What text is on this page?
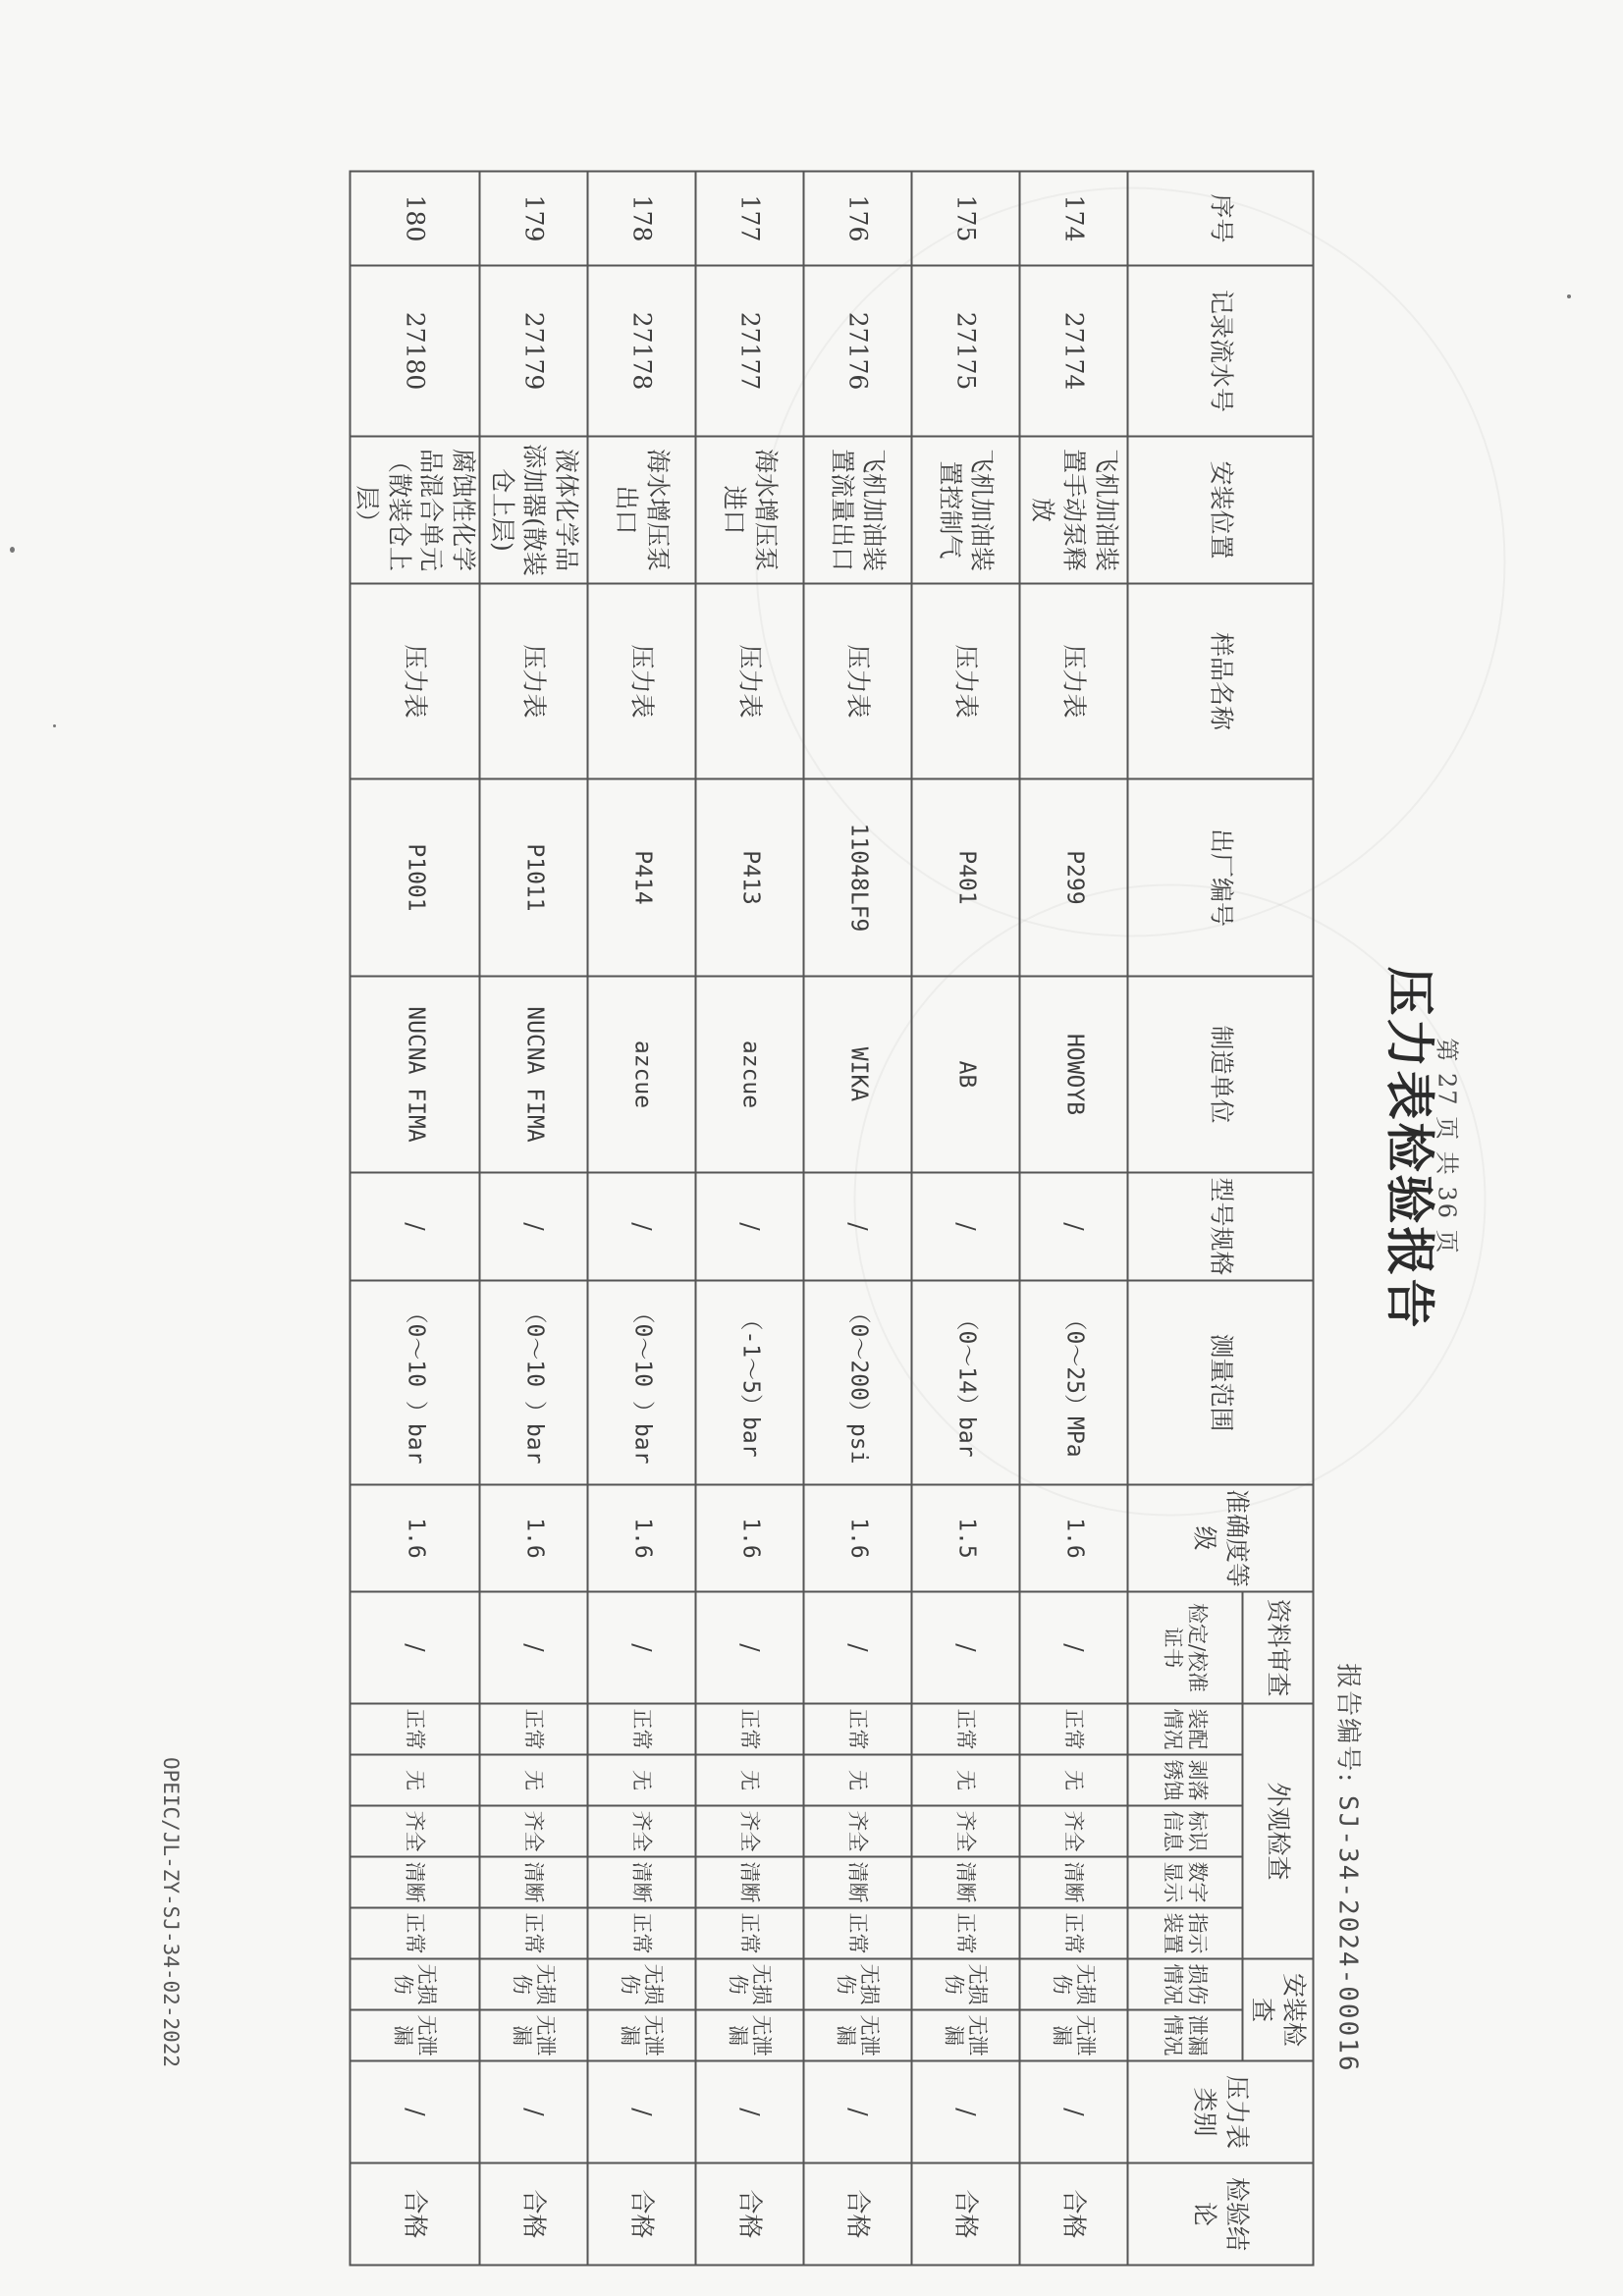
压力表检验报告
报告编号:SJ-34-2024-00016
序号	记录流水号	安装位置	样品名称	出厂编号	制造单位	型号规格	测量范围	准确度等级	资料审查	外观检查					安装检查		压力表类别	检验结论

									检定/校准证书	装配情况	剥落锈蚀	标识信息	数字显示	指示装置	损伤情况	泄漏情况		
174	27174	飞机加油装置手动泵释放	压力表	P299	HOWOYB	/	（0～25）MPa	1.6	/	正常	无	齐全	清断	正常	无损伤	无泄漏	/	合格
175	27175	飞机加油装置控制气	压力表	P401	AB	/	（0～14）bar	1.5	/	正常	无	齐全	清断	正常	无损伤	无泄漏	/	合格
176	27176	飞机加油装置流量出口	压力表	11048LF9	WIKA	/	（0～200）psi	1.6	/	正常	无	齐全	清断	正常	无损伤	无泄漏	/	合格
177	27177	海水增压泵进口	压力表	P413	azcue	/	（-1～5）bar	1.6	/	正常	无	齐全	清断	正常	无损伤	无泄漏	/	合格
178	27178	海水增压泵出口	压力表	P414	azcue	/	（0～10 ）bar	1.6	/	正常	无	齐全	清断	正常	无损伤	无泄漏	/	合格
179	27179	液体化学品添加器(散装仓上层)	压力表	P1011	NUCNA FIMA	/	（0～10 ）bar	1.6	/	正常	无	齐全	清断	正常	无损伤	无泄漏	/	合格
180	27180	腐蚀性化学品混合单元（散装仓上层）	压力表	P1001	NUCNA FIMA	/	（0～10 ）bar	1.6	/	正常	无	齐全	清断	正常	无损伤	无泄漏	/	合格
第 27 页 共 36 页
OPEIC/JL-ZY-SJ-34-02-2022
